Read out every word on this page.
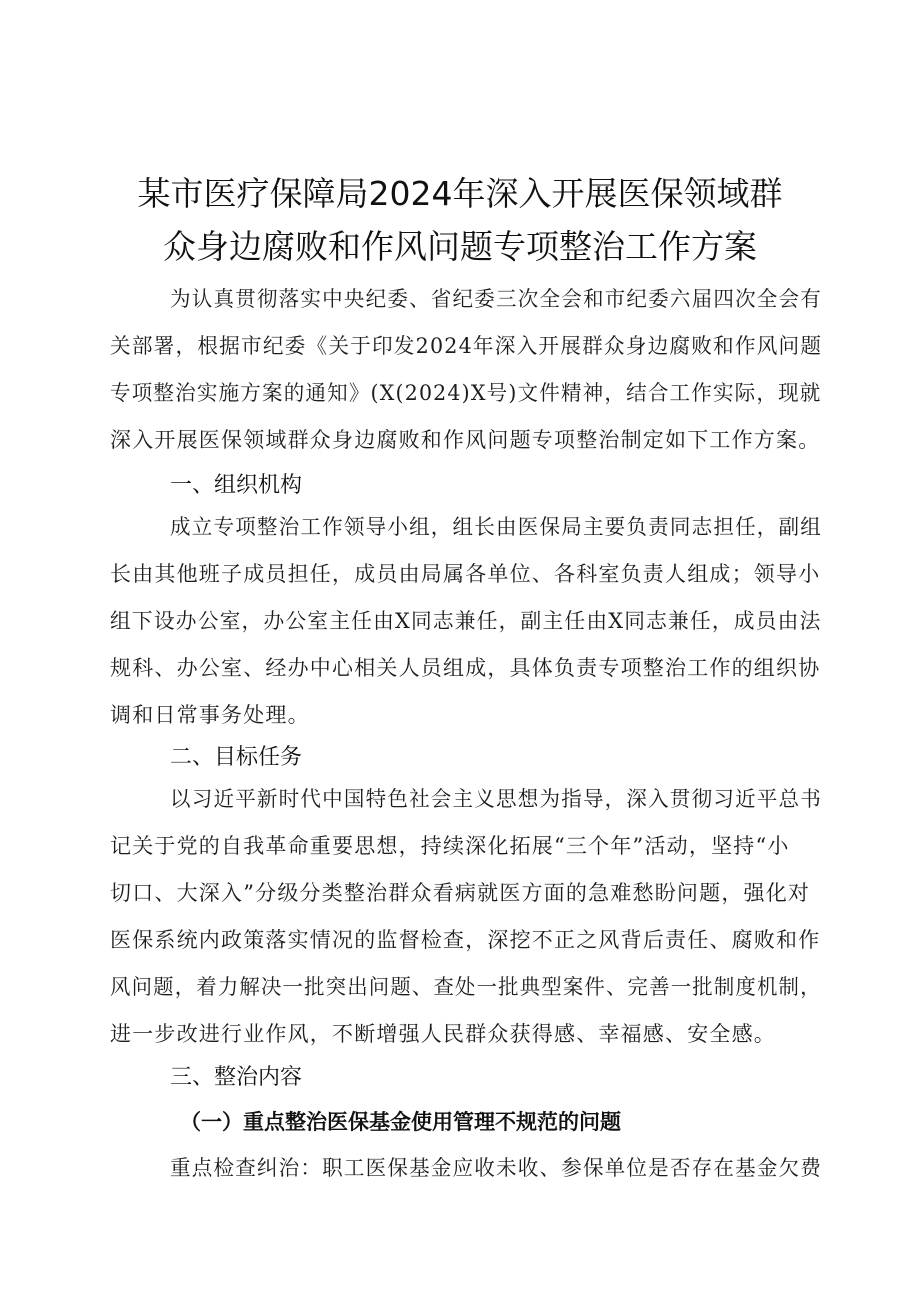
某市医疗保障局2024年深入开展医保领域群
众身边腐败和作风问题专项整治工作方案
为认真贯彻落实中央纪委、省纪委三次全会和市纪委六届四次全会有
关部署，根据市纪委《关于印发2024年深入开展群众身边腐败和作风问题
专项整治实施方案的通知》(X(2024)X号)文件精神，结合工作实际，现就
深入开展医保领域群众身边腐败和作风问题专项整治制定如下工作方案。
一、组织机构
成立专项整治工作领导小组，组长由医保局主要负责同志担任，副组
长由其他班子成员担任，成员由局属各单位、各科室负责人组成；领导小
组下设办公室，办公室主任由X同志兼任，副主任由X同志兼任，成员由法
规科、办公室、经办中心相关人员组成，具体负责专项整治工作的组织协
调和日常事务处理。
二、目标任务
以习近平新时代中国特色社会主义思想为指导，深入贯彻习近平总书
记关于党的自我革命重要思想，持续深化拓展“三个年”活动，坚持“小
切口、大深入”分级分类整治群众看病就医方面的急难愁盼问题，强化对
医保系统内政策落实情况的监督检查，深挖不正之风背后责任、腐败和作
风问题，着力解决一批突出问题、查处一批典型案件、完善一批制度机制，
进一步改进行业作风，不断增强人民群众获得感、幸福感、安全感。
三、整治内容
（一）重点整治医保基金使用管理不规范的问题
重点检查纠治：职工医保基金应收未收、参保单位是否存在基金欠费
